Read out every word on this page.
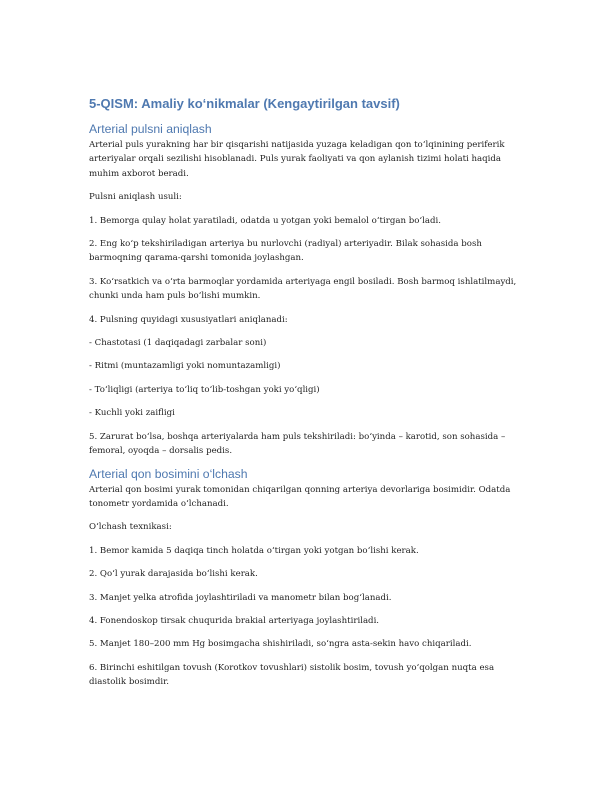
5-QISM: Amaliy ko‘nikmalar (Kengaytirilgan tavsif)
Arterial pulsni aniqlash

Arterial puls yurakning har bir qisqarishi natijasida yuzaga keladigan qon to‘lqinining periferik arteriyalar orqali sezilishi hisoblanadi. Puls yurak faoliyati va qon aylanish tizimi holati haqida muhim axborot beradi.

Pulsni aniqlash usuli:

1. Bemorga qulay holat yaratiladi, odatda u yotgan yoki bemalol o‘tirgan bo‘ladi.

2. Eng ko‘p tekshiriladigan arteriya bu nurlovchi (radiyal) arteriyadir. Bilak sohasida bosh barmoqning qarama-qarshi tomonida joylashgan.

3. Ko‘rsatkich va o‘rta barmoqlar yordamida arteriyaga engil bosiladi. Bosh barmoq ishlatilmaydi, chunki unda ham puls bo‘lishi mumkin.

4. Pulsning quyidagi xususiyatlari aniqlanadi:

- Chastotasi (1 daqiqadagi zarbalar soni)

- Ritmi (muntazamligi yoki nomuntazamligi)

- To‘liqligi (arteriya to‘liq to‘lib-toshgan yoki yo‘qligi)

- Kuchli yoki zaifligi

5. Zarurat bo‘lsa, boshqa arteriyalarda ham puls tekshiriladi: bo‘yinda – karotid, son sohasida – femoral, oyoqda – dorsalis pedis.

Arterial qon bosimini o‘lchash

Arterial qon bosimi yurak tomonidan chiqarilgan qonning arteriya devorlariga bosimidir. Odatda tonometr yordamida o‘lchanadi.

O‘lchash texnikasi:

1. Bemor kamida 5 daqiqa tinch holatda o‘tirgan yoki yotgan bo‘lishi kerak.

2. Qo‘l yurak darajasida bo‘lishi kerak.

3. Manjet yelka atrofida joylashtiriladi va manometr bilan bog‘lanadi.

4. Fonendoskop tirsak chuqurida brakial arteriyaga joylashtiriladi.

5. Manjet 180–200 mm Hg bosimgacha shishiriladi, so‘ngra asta-sekin havo chiqariladi.

6. Birinchi eshitilgan tovush (Korotkov tovushlari) sistolik bosim, tovush yo‘qolgan nuqta esa diastolik bosimdir.
